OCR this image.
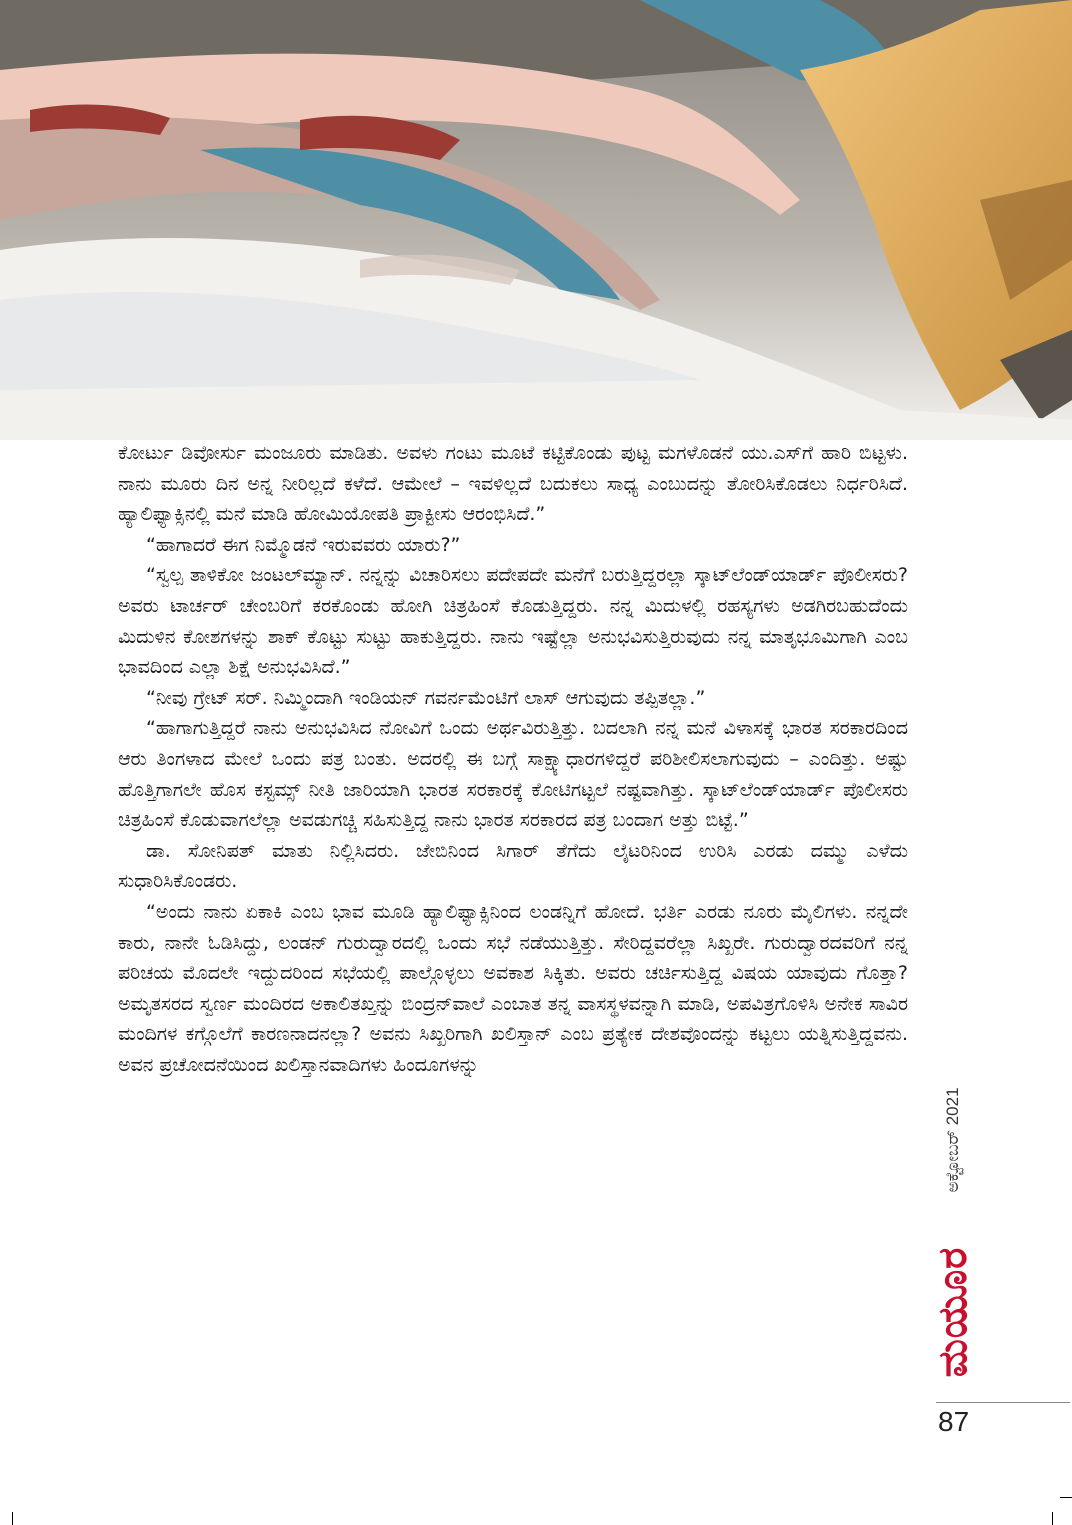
ಕೋರ್ಟು ಡಿವೋರ್ಸು ಮಂಜೂರು ಮಾಡಿತು. ಅವಳು ಗಂಟು ಮೂಟೆ ಕಟ್ಟಿಕೊಂಡು ಪುಟ್ಟ ಮಗಳೊಡನೆ ಯು.ಎಸ್‌ಗೆ ಹಾರಿ ಬಿಟ್ಟಳು. ನಾನು ಮೂರು ದಿನ ಅನ್ನ ನೀರಿಲ್ಲದೆ ಕಳೆದೆ. ಆಮೇಲೆ – ಇವಳಿಲ್ಲದೆ ಬದುಕಲು ಸಾಧ್ಯ ಎಂಬುದನ್ನು ತೋರಿಸಿಕೊಡಲು ನಿರ್ಧರಿಸಿದೆ. ಹ್ಯಾಲಿಫ್ಯಾಕ್ಸಿನಲ್ಲಿ ಮನೆ ಮಾಡಿ ಹೋಮಿಯೋಪತಿ ಪ್ರಾಕ್ಟೀಸು ಆರಂಭಿಸಿದೆ.”

“ಹಾಗಾದರೆ ಈಗ ನಿಮ್ಮೊಡನೆ ಇರುವವರು ಯಾರು?”

“ಸ್ವಲ್ಪ ತಾಳಿಕೋ ಜಂಟಲ್‌ಮ್ಯಾನ್. ನನ್ನನ್ನು ವಿಚಾರಿಸಲು ಪದೇಪದೇ ಮನೆಗೆ ಬರುತ್ತಿದ್ದರಲ್ಲಾ ಸ್ಕಾಟ್‌ಲೆಂಡ್‌ಯಾರ್ಡ್ ಪೊಲೀಸರು? ಅವರು ಟಾರ್ಚರ್ ಚೇಂಬರಿಗೆ ಕರಕೊಂಡು ಹೋಗಿ ಚಿತ್ರಹಿಂಸೆ ಕೊಡುತ್ತಿದ್ದರು. ನನ್ನ ಮಿದುಳಲ್ಲಿ ರಹಸ್ಯಗಳು ಅಡಗಿರಬಹುದೆಂದು ಮಿದುಳಿನ ಕೋಶಗಳನ್ನು ಶಾಕ್ ಕೊಟ್ಟು ಸುಟ್ಟು ಹಾಕುತ್ತಿದ್ದರು. ನಾನು ಇಷ್ಟೆಲ್ಲಾ ಅನುಭವಿಸುತ್ತಿರುವುದು ನನ್ನ ಮಾತೃಭೂಮಿಗಾಗಿ ಎಂಬ ಭಾವದಿಂದ ಎಲ್ಲಾ ಶಿಕ್ಷೆ ಅನುಭವಿಸಿದೆ.”

“ನೀವು ಗ್ರೇಟ್ ಸರ್. ನಿಮ್ಮಿಂದಾಗಿ ಇಂಡಿಯನ್ ಗವರ್ನಮೆಂಟಿಗೆ ಲಾಸ್ ಆಗುವುದು ತಪ್ಪಿತಲ್ಲಾ.”

“ಹಾಗಾಗುತ್ತಿದ್ದರೆ ನಾನು ಅನುಭವಿಸಿದ ನೋವಿಗೆ ಒಂದು ಅರ್ಥವಿರುತ್ತಿತ್ತು. ಬದಲಾಗಿ ನನ್ನ ಮನೆ ವಿಳಾಸಕ್ಕೆ ಭಾರತ ಸರಕಾರದಿಂದ ಆರು ತಿಂಗಳಾದ ಮೇಲೆ ಒಂದು ಪತ್ರ ಬಂತು. ಅದರಲ್ಲಿ ಈ ಬಗ್ಗೆ ಸಾಕ್ಷ್ಯಾಧಾರಗಳಿದ್ದರೆ ಪರಿಶೀಲಿಸಲಾಗುವುದು – ಎಂದಿತ್ತು. ಅಷ್ಟು ಹೊತ್ತಿಗಾಗಲೇ ಹೊಸ ಕಸ್ಟಮ್ಸ್ ನೀತಿ ಜಾರಿಯಾಗಿ ಭಾರತ ಸರಕಾರಕ್ಕೆ ಕೋಟಿಗಟ್ಟಲೆ ನಷ್ಟವಾಗಿತ್ತು. ಸ್ಕಾಟ್‌ಲೆಂಡ್‌ಯಾರ್ಡ್ ಪೊಲೀಸರು ಚಿತ್ರಹಿಂಸೆ ಕೊಡುವಾಗಲೆಲ್ಲಾ ಅವಡುಗಚ್ಚಿ ಸಹಿಸುತ್ತಿದ್ದ ನಾನು ಭಾರತ ಸರಕಾರದ ಪತ್ರ ಬಂದಾಗ ಅತ್ತು ಬಿಟ್ಟೆ.”

ಡಾ. ಸೋನಿಪತ್ ಮಾತು ನಿಲ್ಲಿಸಿದರು. ಜೇಬಿನಿಂದ ಸಿಗಾರ್ ತೆಗೆದು ಲೈಟರಿನಿಂದ ಉರಿಸಿ ಎರಡು ದಮ್ಮು ಎಳೆದು ಸುಧಾರಿಸಿಕೊಂಡರು.

“ಅಂದು ನಾನು ಏಕಾಕಿ ಎಂಬ ಭಾವ ಮೂಡಿ ಹ್ಯಾಲಿಫ್ಯಾಕ್ಸಿನಿಂದ ಲಂಡನ್ನಿಗೆ ಹೋದೆ. ಭರ್ತಿ ಎರಡು ನೂರು ಮೈಲಿಗಳು. ನನ್ನದೇ ಕಾರು, ನಾನೇ ಓಡಿಸಿದ್ದು, ಲಂಡನ್ ಗುರುದ್ವಾರದಲ್ಲಿ ಒಂದು ಸಭೆ ನಡೆಯುತ್ತಿತ್ತು. ಸೇರಿದ್ದವರೆಲ್ಲಾ ಸಿಖ್ಖರೇ. ಗುರುದ್ವಾರದವರಿಗೆ ನನ್ನ ಪರಿಚಯ ಮೊದಲೇ ಇದ್ದುದರಿಂದ ಸಭೆಯಲ್ಲಿ ಪಾಲ್ಗೊಳ್ಳಲು ಅವಕಾಶ ಸಿಕ್ಕಿತು. ಅವರು ಚರ್ಚಿಸುತ್ತಿದ್ದ ವಿಷಯ ಯಾವುದು ಗೊತ್ತಾ? ಅಮೃತಸರದ ಸ್ವರ್ಣ ಮಂದಿರದ ಅಕಾಲಿತಖ್ತನ್ನು ಬಿಂದ್ರನ್‌ವಾಲೆ ಎಂಬಾತ ತನ್ನ ವಾಸಸ್ಥಳವನ್ನಾಗಿ ಮಾಡಿ, ಅಪವಿತ್ರಗೊಳಿಸಿ ಅನೇಕ ಸಾವಿರ ಮಂದಿಗಳ ಕಗ್ಗೊಲೆಗೆ ಕಾರಣನಾದನಲ್ಲಾ? ಅವನು ಸಿಖ್ಖರಿಗಾಗಿ ಖಲಿಸ್ತಾನ್ ಎಂಬ ಪ್ರತ್ಯೇಕ ದೇಶವೊಂದನ್ನು ಕಟ್ಟಲು ಯತ್ನಿಸುತ್ತಿದ್ದವನು. ಅವನ ಪ್ರಚೋದನೆಯಿಂದ ಖಲಿಸ್ತಾನವಾದಿಗಳು ಹಿಂದೂಗಳನ್ನು

ಅಕ್ಟೋಬರ್ 2021
ಮಯೂರ
87
